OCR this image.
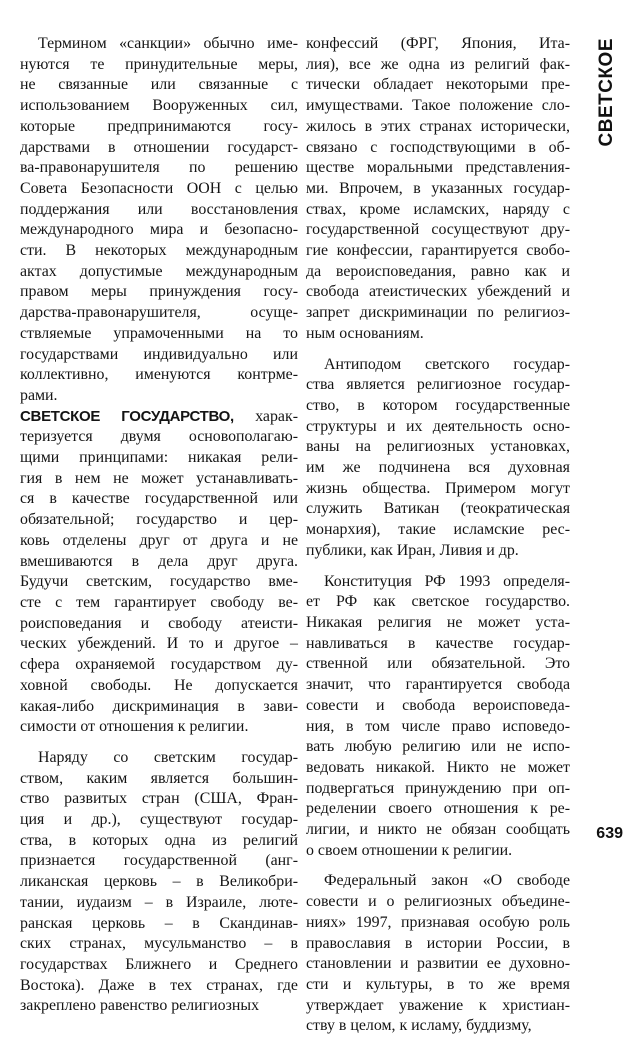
СВЕТСКОЕ

Термином «санкции» обычно име-
нуются те принудительные меры,
не связанные или связанные с
использованием Вооруженных сил,
которые предпринимаются госу-
дарствами в отношении государст-
ва-правонарушителя по решению
Совета Безопасности ООН с целью
поддержания или восстановления
международного мира и безопасно-
сти. В некоторых международным
актах допустимые международным
правом меры принуждения госу-
дарства-правонарушителя, осуще-
ствляемые упрамоченными на то
государствами индивидуально или
коллективно, именуются контрме-
рами.

СВЕТСКОЕ ГОСУДАРСТВО, харак-
теризуется двумя основополагаю-
щими принципами: никакая рели-
гия в нем не может устанавливать-
ся в качестве государственной или
обязательной; государство и цер-
ковь отделены друг от друга и не
вмешиваются в дела друг друга.
Будучи светским, государство вме-
сте с тем гарантирует свободу ве-
роисповедания и свободу атеисти-
ческих убеждений. И то и другое –
сфера охраняемой государством ду-
ховной свободы. Не допускается
какая-либо дискриминация в зави-
симости от отношения к религии.

Наряду со светским государ-
ством, каким является большин-
ство развитых стран (США, Фран-
ция и др.), существуют государ-
ства, в которых одна из религий
признается государственной (анг-
ликанская церковь – в Великобри-
тании, иудаизм – в Израиле, люте-
ранская церковь – в Скандинав-
ских странах, мусульманство – в
государствах Ближнего и Среднего
Востока). Даже в тех странах, где
закреплено равенство религиозных

конфессий (ФРГ, Япония, Ита-
лия), все же одна из религий фак-
тически обладает некоторыми пре-
имуществами. Такое положение сло-
жилось в этих странах исторически,
связано с господствующими в об-
ществе моральными представления-
ми. Впрочем, в указанных государ-
ствах, кроме исламских, наряду с
государственной сосуществуют дру-
гие конфессии, гарантируется свобо-
да вероисповедания, равно как и
свобода атеистических убеждений и
запрет дискриминации по религиоз-
ным основаниям.

Антиподом светского государ-
ства является религиозное государ-
ство, в котором государственные
структуры и их деятельность осно-
ваны на религиозных установках,
им же подчинена вся духовная
жизнь общества. Примером могут
служить Ватикан (теократическая
монархия), такие исламские рес-
публики, как Иран, Ливия и др.

Конституция РФ 1993 определя-
ет РФ как светское государство.
Никакая религия не может уста-
навливаться в качестве государ-
ственной или обязательной. Это
значит, что гарантируется свобода
совести и свобода вероисповеда-
ния, в том числе право исповедо-
вать любую религию или не испо-
ведовать никакой. Никто не может
подвергаться принуждению при оп-
ределении своего отношения к ре-
лигии, и никто не обязан сообщать
о своем отношении к религии.

Федеральный закон «О свободе
совести и о религиозных объедине-
ниях» 1997, признавая особую роль
православия в истории России, в
становлении и развитии ее духовно-
сти и культуры, в то же время
утверждает уважение к христиан-
ству в целом, к исламу, буддизму,

639
